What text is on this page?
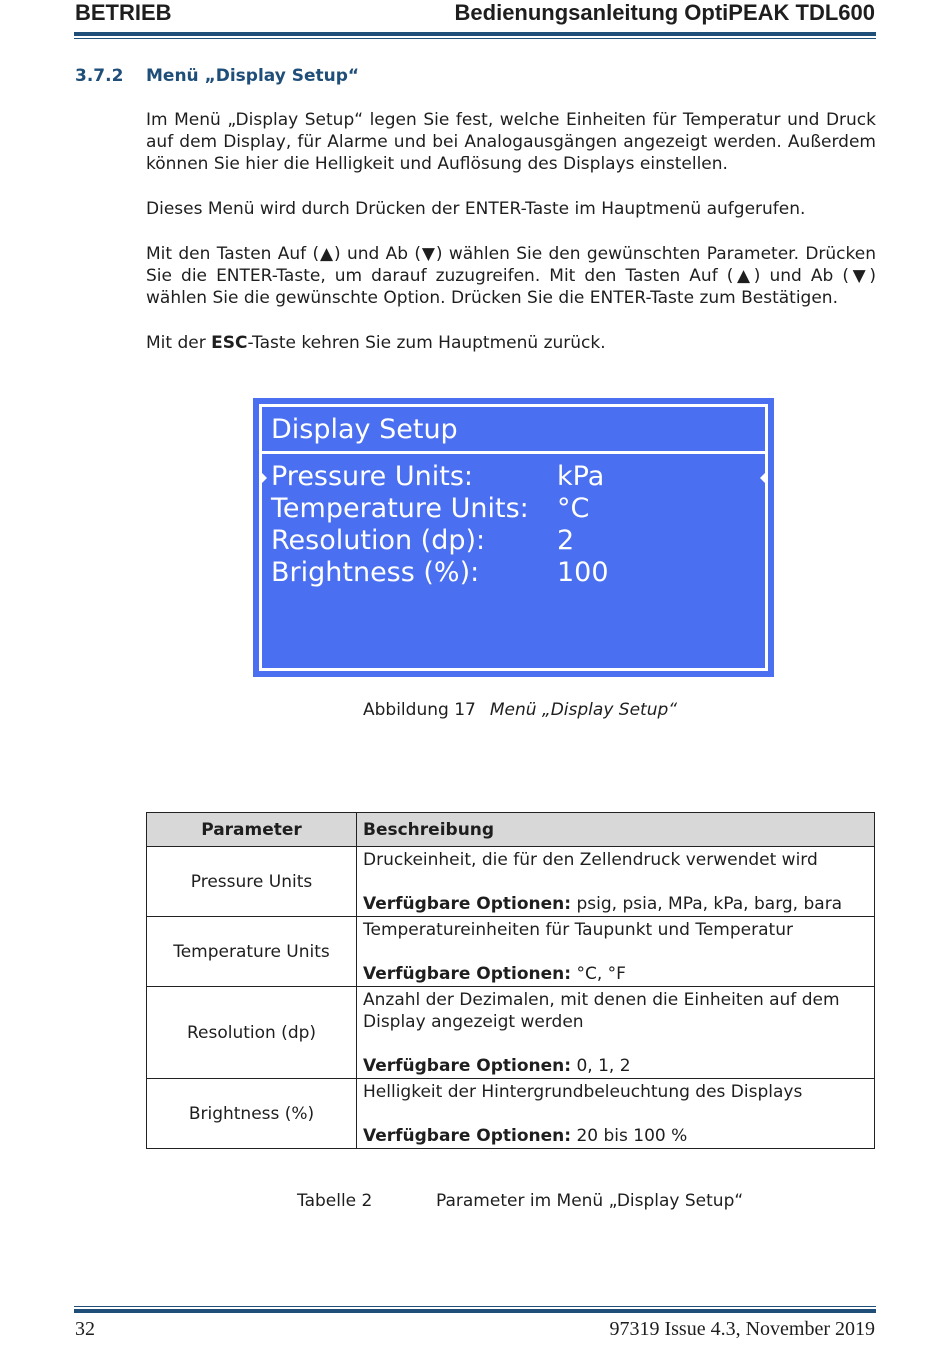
BETRIEB	Bedienungsanleitung OptiPEAK TDL600
3.7.2 Menü „Display Setup“
Im Menü „Display Setup“ legen Sie fest, welche Einheiten für Temperatur und Druck auf dem Display, für Alarme und bei Analogausgängen angezeigt werden. Außerdem können Sie hier die Helligkeit und Auflösung des Displays einstellen.
Dieses Menü wird durch Drücken der ENTER-Taste im Hauptmenü aufgerufen.
Mit den Tasten Auf (▲) und Ab (▼) wählen Sie den gewünschten Parameter. Drücken Sie die ENTER-Taste, um darauf zuzugreifen. Mit den Tasten Auf (▲) und Ab (▼) wählen Sie die gewünschte Option. Drücken Sie die ENTER-Taste zum Bestätigen.
Mit der ESC-Taste kehren Sie zum Hauptmenü zurück.
Display Setup
Pressure Units:	kPa
Temperature Units: °C
Resolution (dp):	2
Brightness (%):	100
Abbildung 17 Menü „Display Setup“
Parameter	Beschreibung
Pressure Units	Druckeinheit, die für den Zellendruck verwendet wird
Verfügbare Optionen: psig, psia, MPa, kPa, barg, bara

Temperature Units	Temperatureinheiten für Taupunkt und Temperatur
Verfügbare Optionen: °C, °F

Resolution (dp)	Anzahl der Dezimalen, mit denen die Einheiten auf dem Display angezeigt werden
Verfügbare Optionen: 0, 1, 2

Brightness (%)	Helligkeit der Hintergrundbeleuchtung des Displays
Verfügbare Optionen: 20 bis 100 %
Tabelle 2	Parameter im Menü „Display Setup“
32	97319 Issue 4.3, November 2019
